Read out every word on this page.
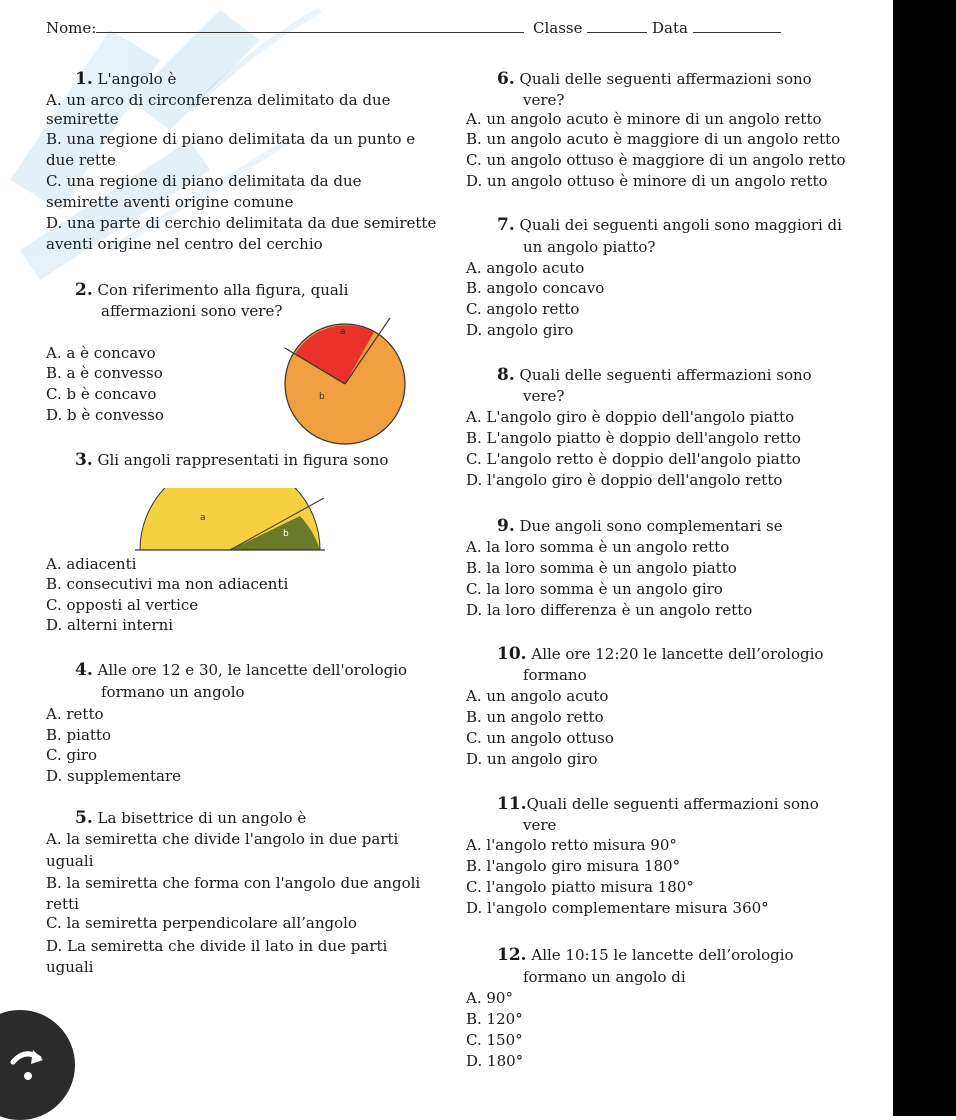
Nome:	Classe	Data
1. L'angolo è
A. un arco di circonferenza delimitato da due
semirette
B. una regione di piano delimitata da un punto e
due rette
C. una regione di piano delimitata da due
semirette aventi origine comune
D. una parte di cerchio delimitata da due semirette
aventi origine nel centro del cerchio
2. Con riferimento alla figura, quali
affermazioni sono vere?
A. a è concavo
B. a è convesso
C. b è concavo
D. b è convesso
a
b
3. Gli angoli rappresentati in figura sono
a
b
A. adiacenti
B. consecutivi ma non adiacenti
C. opposti al vertice
D. alterni interni
4. Alle ore 12 e 30, le lancette dell'orologio
formano un angolo
A. retto
B. piatto
C. giro
D. supplementare
5. La bisettrice di un angolo è
A. la semiretta che divide l'angolo in due parti
uguali
B. la semiretta che forma con l'angolo due angoli
retti
C. la semiretta perpendicolare all’angolo
D. La semiretta che divide il lato in due parti
uguali
6. Quali delle seguenti affermazioni sono
vere?
A. un angolo acuto è minore di un angolo retto
B. un angolo acuto è maggiore di un angolo retto
C. un angolo ottuso è maggiore di un angolo retto
D. un angolo ottuso è minore di un angolo retto
7. Quali dei seguenti angoli sono maggiori di
un angolo piatto?
A. angolo acuto
B. angolo concavo
C. angolo retto
D. angolo giro
8. Quali delle seguenti affermazioni sono
vere?
A. L'angolo giro è doppio dell'angolo piatto
B. L'angolo piatto è doppio dell'angolo retto
C. L'angolo retto è doppio dell'angolo piatto
D. l'angolo giro è doppio dell'angolo retto
9. Due angoli sono complementari se
A. la loro somma è un angolo retto
B. la loro somma è un angolo piatto
C. la loro somma è un angolo giro
D. la loro differenza è un angolo retto
10. Alle ore 12:20 le lancette dell’orologio
formano
A. un angolo acuto
B. un angolo retto
C. un angolo ottuso
D. un angolo giro
11.Quali delle seguenti affermazioni sono
vere
A. l'angolo retto misura 90°
B. l'angolo giro misura 180°
C. l'angolo piatto misura 180°
D. l'angolo complementare misura 360°
12. Alle 10:15 le lancette dell’orologio
formano un angolo di
A. 90°
B. 120°
C. 150°
D. 180°
